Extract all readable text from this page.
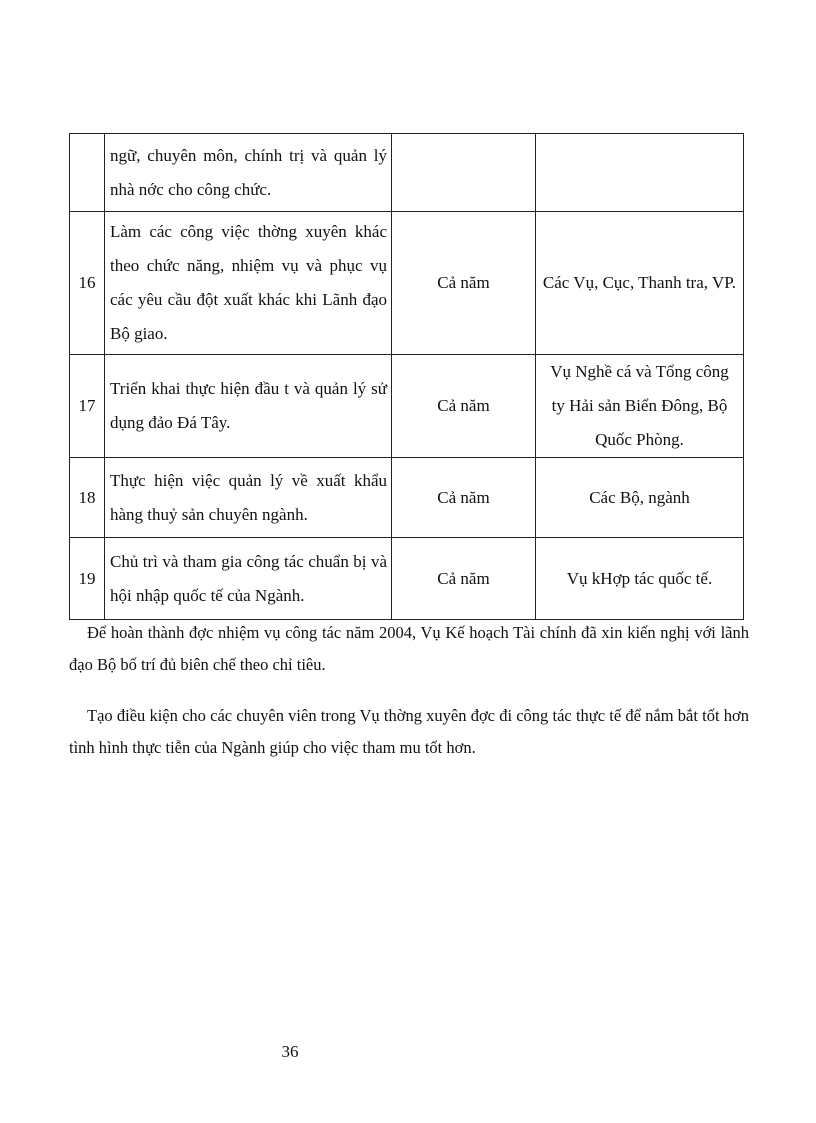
	ngữ, chuyên môn, chính trị và quản lý nhà nớc cho công chức.		
16	Làm các công việc thờng xuyên khác theo chức năng, nhiệm vụ và phục vụ các yêu cầu đột xuất khác khi Lãnh đạo Bộ giao.	Cả năm	Các Vụ, Cục, Thanh tra, VP.
17	Triển khai thực hiện đầu t và quản lý sử dụng đảo Đá Tây.	Cả năm	Vụ Nghề cá và Tổng công ty Hải sản Biển Đông, Bộ Quốc Phòng.
18	Thực hiện việc quản lý về xuất khẩu hàng thuỷ sản chuyên ngành.	Cả năm	Các Bộ, ngành
19	Chủ trì và tham gia công tác chuẩn bị và hội nhập quốc tế của Ngành.	Cả năm	Vụ kHợp tác quốc tế.

Để hoàn thành đợc nhiệm vụ công tác năm 2004, Vụ Kế hoạch Tài chính đã xin kiến nghị với lãnh đạo Bộ bố trí đủ biên chế theo chỉ tiêu.

Tạo điều kiện cho các chuyên viên trong Vụ thờng xuyên đợc đi công tác thực tế để nắm bắt tốt hơn tình hình thực tiễn của Ngành giúp cho việc tham mu tốt hơn.

36
